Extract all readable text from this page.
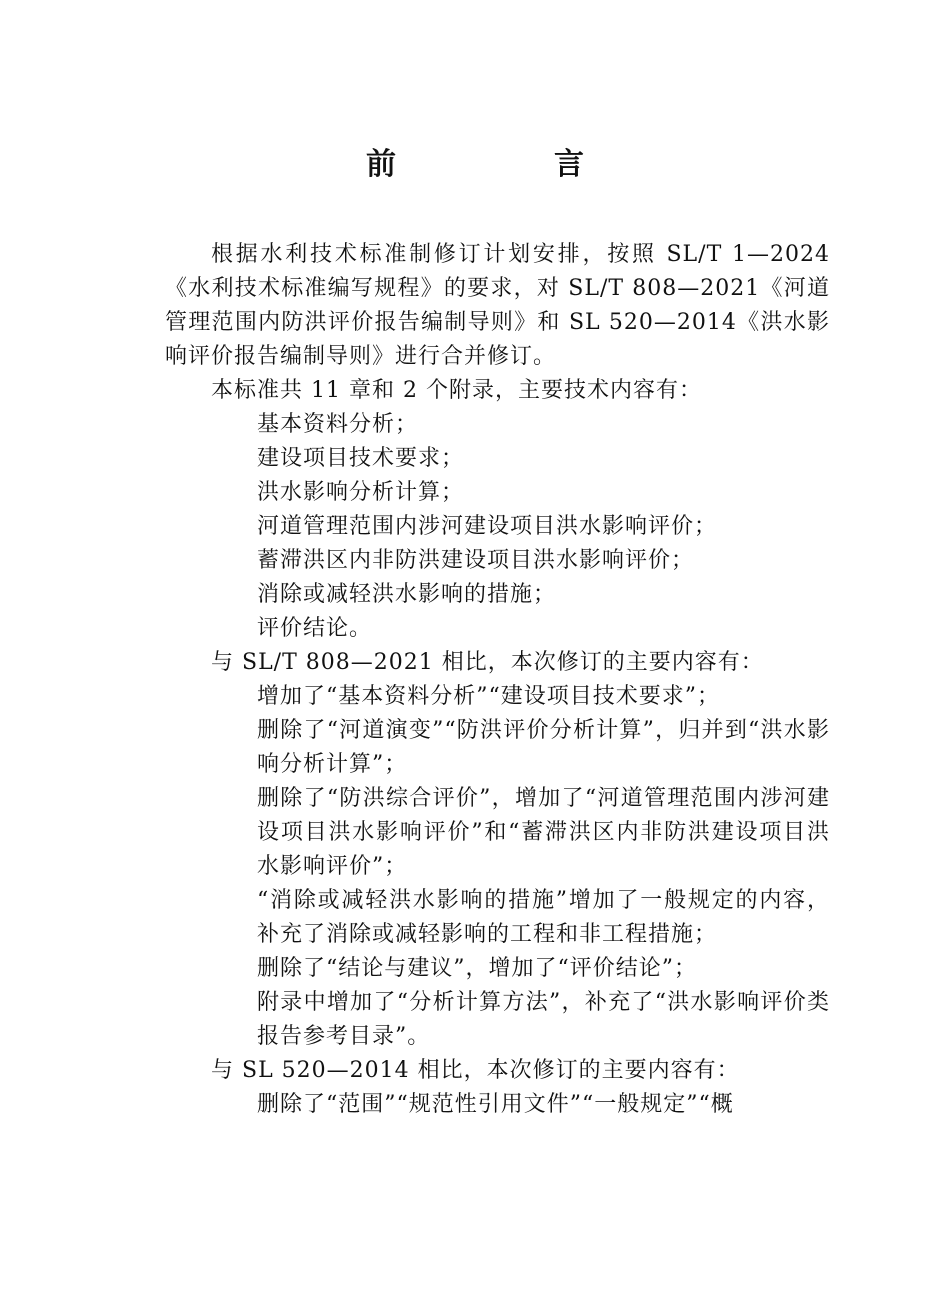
前　言

根据水利技术标准制修订计划安排，按照 SL/T 1—2024《水利技术标准编写规程》的要求，对 SL/T 808—2021《河道管理范围内防洪评价报告编制导则》和 SL 520—2014《洪水影响评价报告编制导则》进行合并修订。

本标准共 11 章和 2 个附录，主要技术内容有：

基本资料分析；

建设项目技术要求；

洪水影响分析计算；

河道管理范围内涉河建设项目洪水影响评价；

蓄滞洪区内非防洪建设项目洪水影响评价；

消除或减轻洪水影响的措施；

评价结论。

与 SL/T 808—2021 相比，本次修订的主要内容有：

增加了“基本资料分析”“建设项目技术要求”；

删除了“河道演变”“防洪评价分析计算”，归并到“洪水影响分析计算”；

删除了“防洪综合评价”，增加了“河道管理范围内涉河建设项目洪水影响评价”和“蓄滞洪区内非防洪建设项目洪水影响评价”；

“消除或减轻洪水影响的措施”增加了一般规定的内容，补充了消除或减轻影响的工程和非工程措施；

删除了“结论与建议”，增加了“评价结论”；

附录中增加了“分析计算方法”，补充了“洪水影响评价类报告参考目录”。

与 SL 520—2014 相比，本次修订的主要内容有：

删除了“范围”“规范性引用文件”“一般规定”“概
